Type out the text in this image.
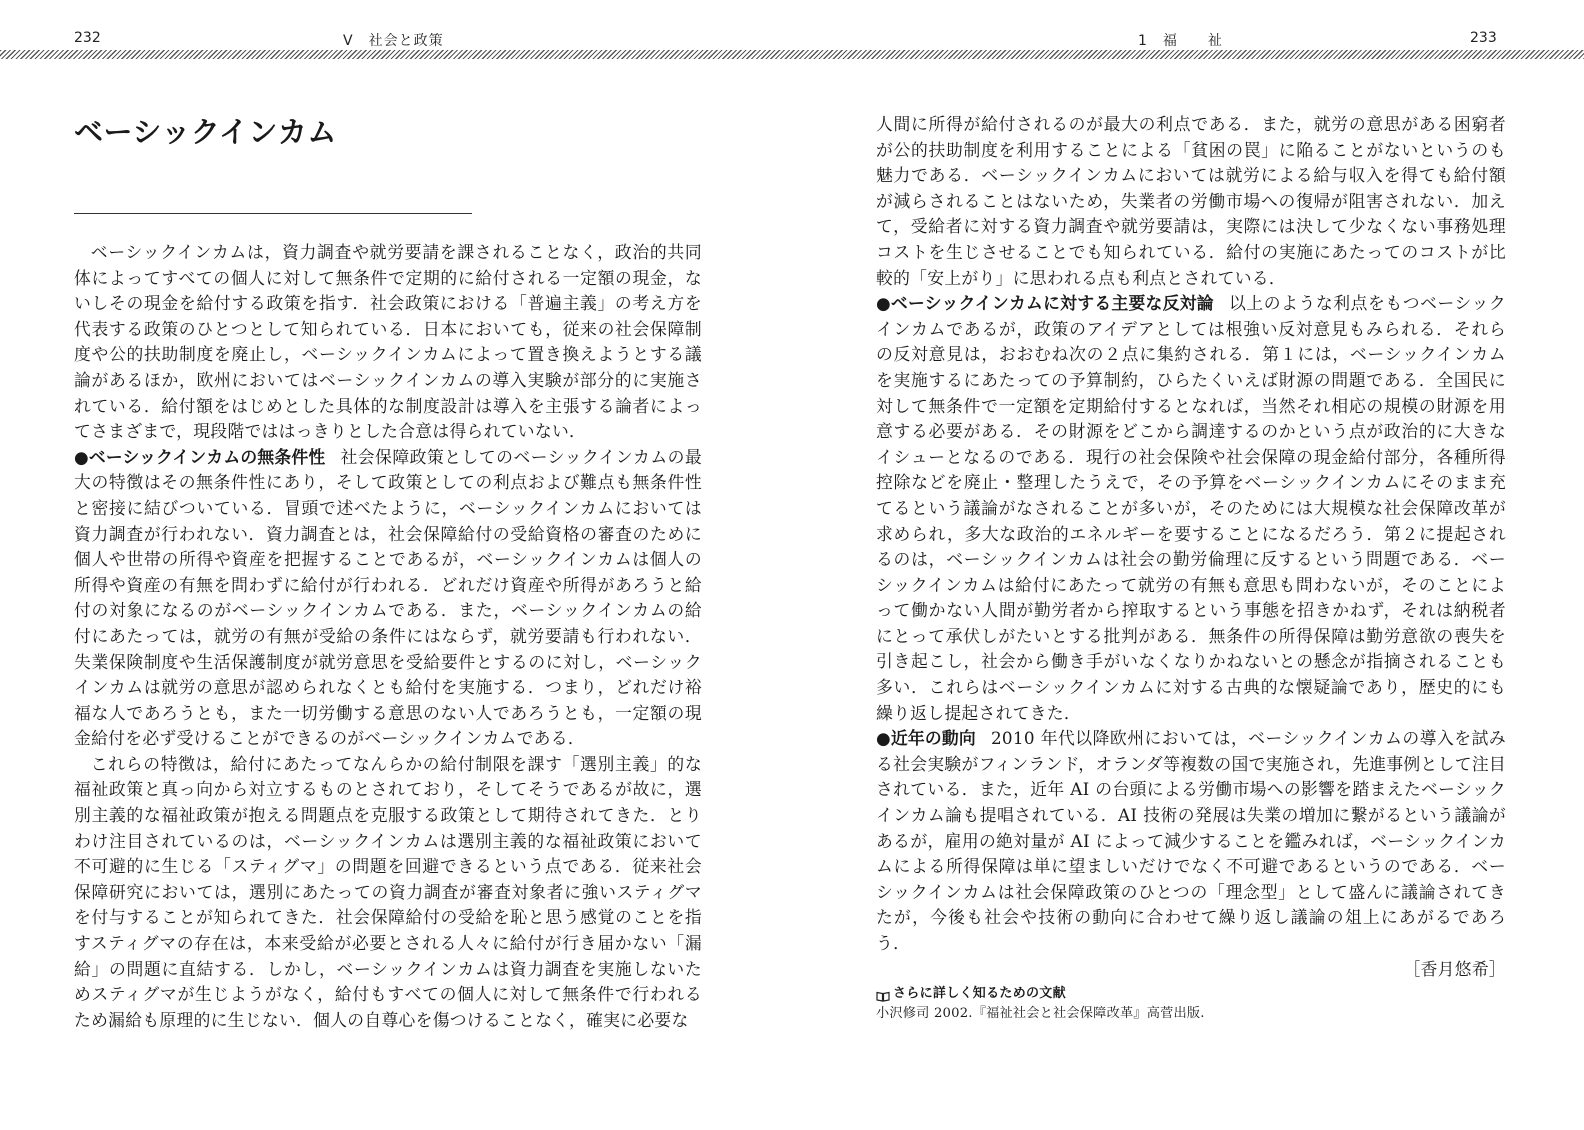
232	Ⅴ　社会と政策	1　福　　祉	233
ベーシックインカム

ベーシックインカムは，資力調査や就労要請を課されることなく，政治的共同体によってすべての個人に対して無条件で定期的に給付される一定額の現金，ないしその現金を給付する政策を指す．社会政策における「普遍主義」の考え方を代表する政策のひとつとして知られている．日本においても，従来の社会保障制度や公的扶助制度を廃止し，ベーシックインカムによって置き換えようとする議論があるほか，欧州においてはベーシックインカムの導入実験が部分的に実施されている．給付額をはじめとした具体的な制度設計は導入を主張する論者によってさまざまで，現段階でははっきりとした合意は得られていない．

●ベーシックインカムの無条件性 社会保障政策としてのベーシックインカムの最大の特徴はその無条件性にあり，そして政策としての利点および難点も無条件性と密接に結びついている．冒頭で述べたように，ベーシックインカムにおいては資力調査が行われない．資力調査とは，社会保障給付の受給資格の審査のために個人や世帯の所得や資産を把握することであるが，ベーシックインカムは個人の所得や資産の有無を問わずに給付が行われる．どれだけ資産や所得があろうと給付の対象になるのがベーシックインカムである．また，ベーシックインカムの給付にあたっては，就労の有無が受給の条件にはならず，就労要請も行われない．失業保険制度や生活保護制度が就労意思を受給要件とするのに対し，ベーシックインカムは就労の意思が認められなくとも給付を実施する．つまり，どれだけ裕福な人であろうとも，また一切労働する意思のない人であろうとも，一定額の現金給付を必ず受けることができるのがベーシックインカムである．

これらの特徴は，給付にあたってなんらかの給付制限を課す「選別主義」的な福祉政策と真っ向から対立するものとされており，そしてそうであるが故に，選別主義的な福祉政策が抱える問題点を克服する政策として期待されてきた．とりわけ注目されているのは，ベーシックインカムは選別主義的な福祉政策において不可避的に生じる「スティグマ」の問題を回避できるという点である．従来社会保障研究においては，選別にあたっての資力調査が審査対象者に強いスティグマを付与することが知られてきた．社会保障給付の受給を恥と思う感覚のことを指すスティグマの存在は，本来受給が必要とされる人々に給付が行き届かない「漏給」の問題に直結する．しかし，ベーシックインカムは資力調査を実施しないためスティグマが生じようがなく，給付もすべての個人に対して無条件で行われるため漏給も原理的に生じない．個人の自尊心を傷つけることなく，確実に必要な

人間に所得が給付されるのが最大の利点である．また，就労の意思がある困窮者が公的扶助制度を利用することによる「貧困の罠」に陥ることがないというのも魅力である．ベーシックインカムにおいては就労による給与収入を得ても給付額が減らされることはないため，失業者の労働市場への復帰が阻害されない．加えて，受給者に対する資力調査や就労要請は，実際には決して少なくない事務処理コストを生じさせることでも知られている．給付の実施にあたってのコストが比較的「安上がり」に思われる点も利点とされている．

●ベーシックインカムに対する主要な反対論 以上のような利点をもつベーシックインカムであるが，政策のアイデアとしては根強い反対意見もみられる．それらの反対意見は，おおむね次の２点に集約される．第１には，ベーシックインカムを実施するにあたっての予算制約，ひらたくいえば財源の問題である．全国民に対して無条件で一定額を定期給付するとなれば，当然それ相応の規模の財源を用意する必要がある．その財源をどこから調達するのかという点が政治的に大きなイシューとなるのである．現行の社会保険や社会保障の現金給付部分，各種所得控除などを廃止・整理したうえで，その予算をベーシックインカムにそのまま充てるという議論がなされることが多いが，そのためには大規模な社会保障改革が求められ，多大な政治的エネルギーを要することになるだろう．第２に提起されるのは，ベーシックインカムは社会の勤労倫理に反するという問題である．ベーシックインカムは給付にあたって就労の有無も意思も問わないが，そのことによって働かない人間が勤労者から搾取するという事態を招きかねず，それは納税者にとって承伏しがたいとする批判がある．無条件の所得保障は勤労意欲の喪失を引き起こし，社会から働き手がいなくなりかねないとの懸念が指摘されることも多い．これらはベーシックインカムに対する古典的な懐疑論であり，歴史的にも繰り返し提起されてきた．

●近年の動向 2010 年代以降欧州においては，ベーシックインカムの導入を試みる社会実験がフィンランド，オランダ等複数の国で実施され，先進事例として注目されている．また，近年 AI の台頭による労働市場への影響を踏まえたベーシックインカム論も提唱されている．AI 技術の発展は失業の増加に繋がるという議論があるが，雇用の絶対量が AI によって減少することを鑑みれば，ベーシックインカムによる所得保障は単に望ましいだけでなく不可避であるというのである．ベーシックインカムは社会保障政策のひとつの「理念型」として盛んに議論されてきたが，今後も社会や技術の動向に合わせて繰り返し議論の俎上にあがるであろう．

［香月悠希］

さらに詳しく知るための文献
小沢修司 2002.『福祉社会と社会保障改革』高菅出版.
